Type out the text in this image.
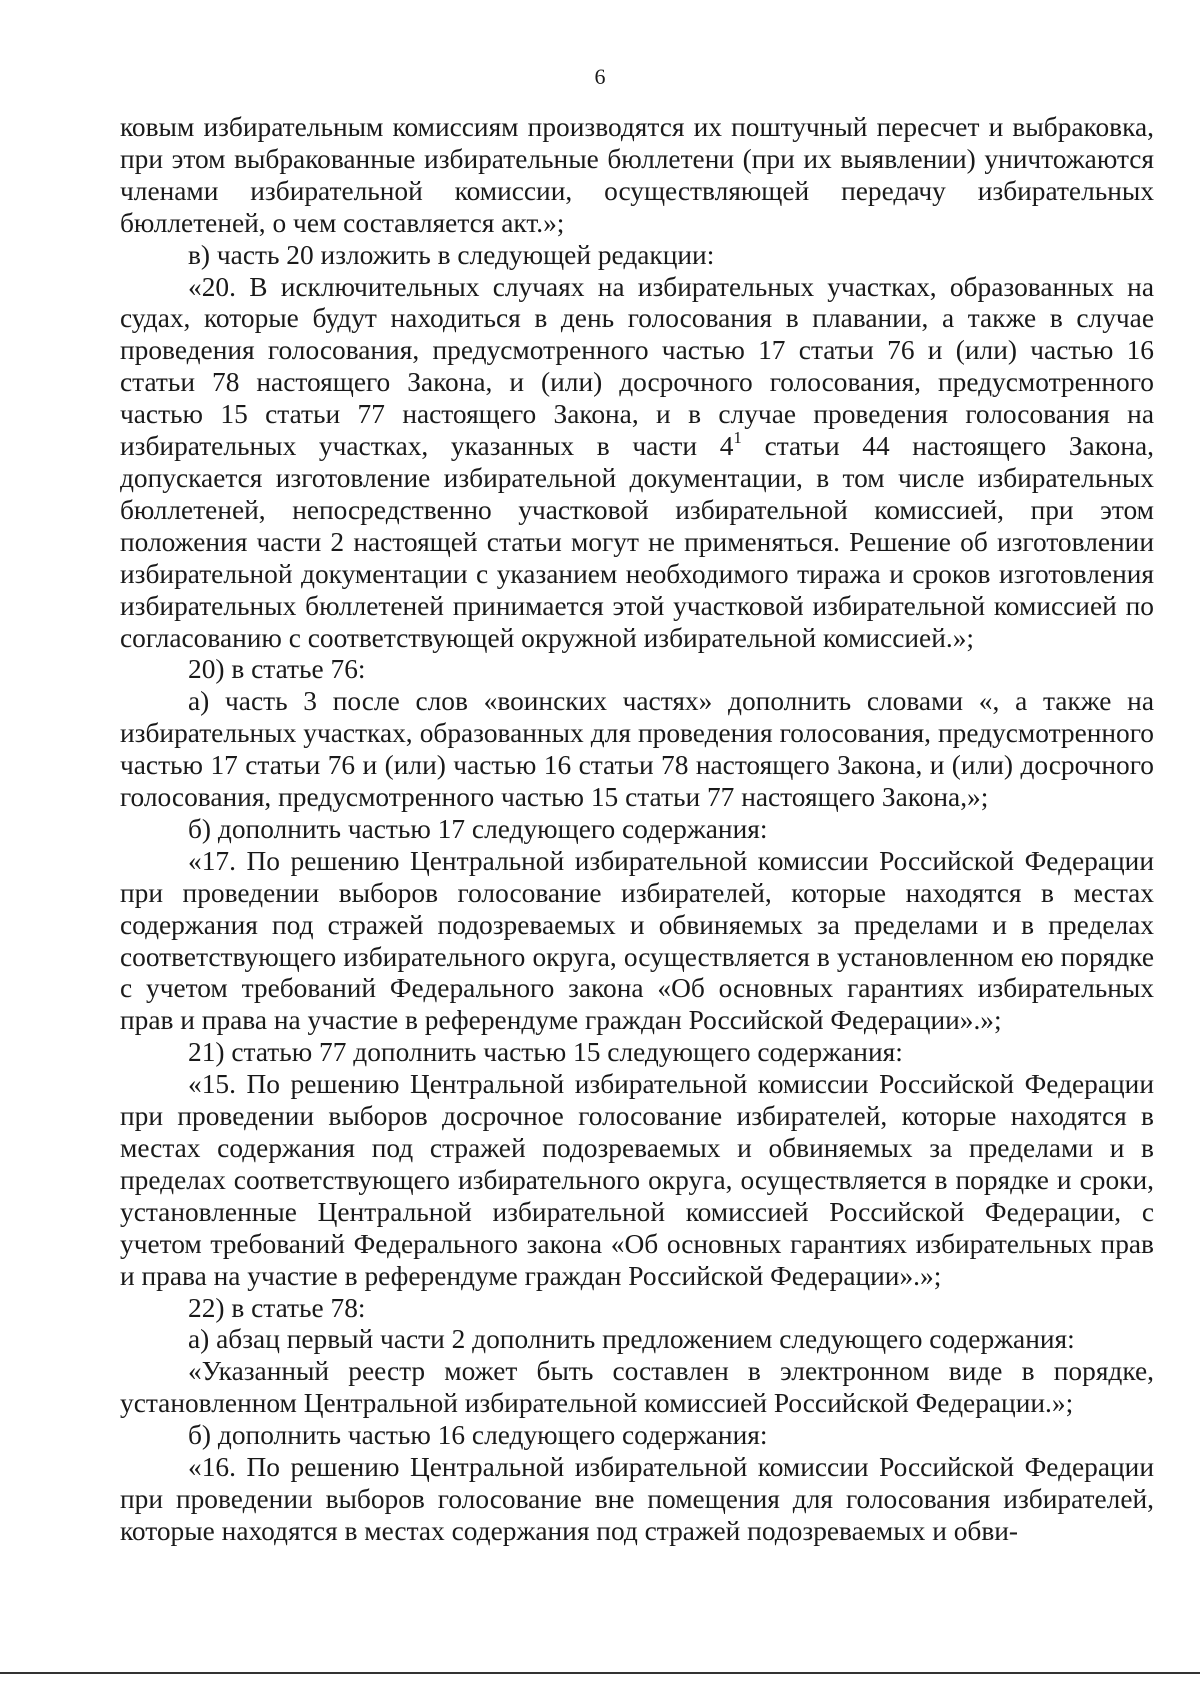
6

ковым избирательным комиссиям производятся их поштучный пересчет и выбраковка, при этом выбракованные избирательные бюллетени (при их выявлении) уничтожаются членами избирательной комиссии, осуществляющей передачу избирательных бюллетеней, о чем составляется акт.»;

в) часть 20 изложить в следующей редакции:

«20. В исключительных случаях на избирательных участках, образованных на судах, которые будут находиться в день голосования в плавании, а также в случае проведения голосования, предусмотренного частью 17 статьи 76 и (или) частью 16 статьи 78 настоящего Закона, и (или) досрочного голосования, предусмотренного частью 15 статьи 77 настоящего Закона, и в случае проведения голосования на избирательных участках, указанных в части $4^1$ статьи 44 настоящего Закона, допускается изготовление избирательной документации, в том числе избирательных бюллетеней, непосредственно участковой избирательной комиссией, при этом положения части 2 настоящей статьи могут не применяться. Решение об изготовлении избирательной документации с указанием необходимого тиража и сроков изготовления избирательных бюллетеней принимается этой участковой избирательной комиссией по согласованию с соответствующей окружной избирательной комиссией.»;

20) в статье 76:

а) часть 3 после слов «воинских частях» дополнить словами «, а также на избирательных участках, образованных для проведения голосования, предусмотренного частью 17 статьи 76 и (или) частью 16 статьи 78 настоящего Закона, и (или) досрочного голосования, предусмотренного частью 15 статьи 77 настоящего Закона,»;

б) дополнить частью 17 следующего содержания:

«17. По решению Центральной избирательной комиссии Российской Федерации при проведении выборов голосование избирателей, которые находятся в местах содержания под стражей подозреваемых и обвиняемых за пределами и в пределах соответствующего избирательного округа, осуществляется в установленном ею порядке с учетом требований Федерального закона «Об основных гарантиях избирательных прав и права на участие в референдуме граждан Российской Федерации».»;

21) статью 77 дополнить частью 15 следующего содержания:

«15. По решению Центральной избирательной комиссии Российской Федерации при проведении выборов досрочное голосование избирателей, которые находятся в местах содержания под стражей подозреваемых и обвиняемых за пределами и в пределах соответствующего избирательного округа, осуществляется в порядке и сроки, установленные Центральной избирательной комиссией Российской Федерации, с учетом требований Федерального закона «Об основных гарантиях избирательных прав и права на участие в референдуме граждан Российской Федерации».»;

22) в статье 78:

а) абзац первый части 2 дополнить предложением следующего содержания:

«Указанный реестр может быть составлен в электронном виде в порядке, установленном Центральной избирательной комиссией Российской Федерации.»;

б) дополнить частью 16 следующего содержания:

«16. По решению Центральной избирательной комиссии Российской Федерации при проведении выборов голосование вне помещения для голосования избирателей, которые находятся в местах содержания под стражей подозреваемых и обви-
